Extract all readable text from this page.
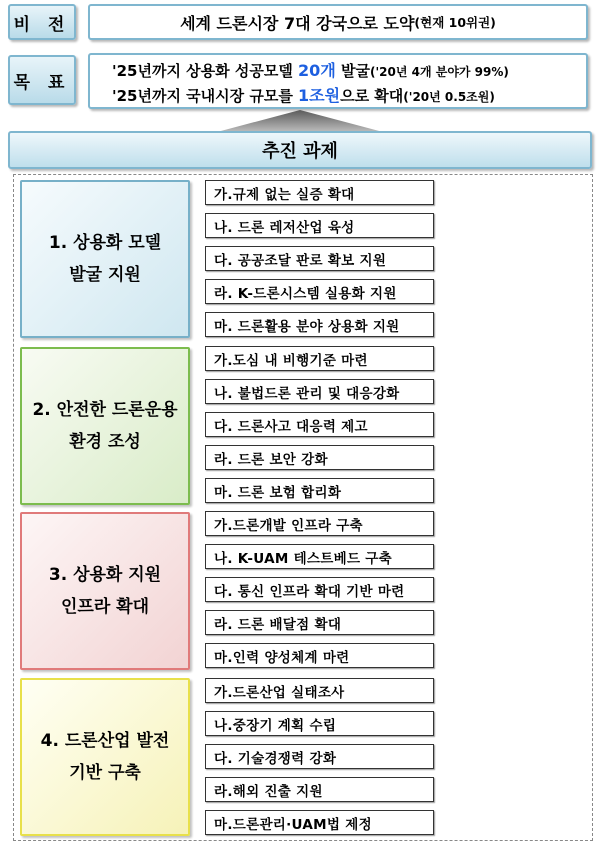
비 전	세계 드론시장 7대 강국으로 도약 (현재 10위권)
목 표
'25년까지 상용화 성공모델 20개 발굴('20년 4개 분야가 99%)
'25년까지 국내시장 규모를 1조원으로 확대('20년 0.5조원)
추진 과제
1. 상용화 모델
발굴 지원
가.규제 없는 실증 확대
나. 드론 레저산업 육성
다. 공공조달 판로 확보 지원
라. K-드론시스템 실용화 지원
마. 드론활용 분야 상용화 지원
2. 안전한 드론운용
환경 조성
가.도심 내 비행기준 마련
나. 불법드론 관리 및 대응강화
다. 드론사고 대응력 제고
라. 드론 보안 강화
마. 드론 보험 합리화
3. 상용화 지원
인프라 확대
가.드론개발 인프라 구축
나. K-UAM 테스트베드 구축
다. 통신 인프라 확대 기반 마련
라. 드론 배달점 확대
마.인력 양성체계 마련
4. 드론산업 발전
기반 구축
가.드론산업 실태조사
나.중장기 계획 수립
다. 기술경쟁력 강화
라.해외 진출 지원
마.드론관리·UAM법 제정
